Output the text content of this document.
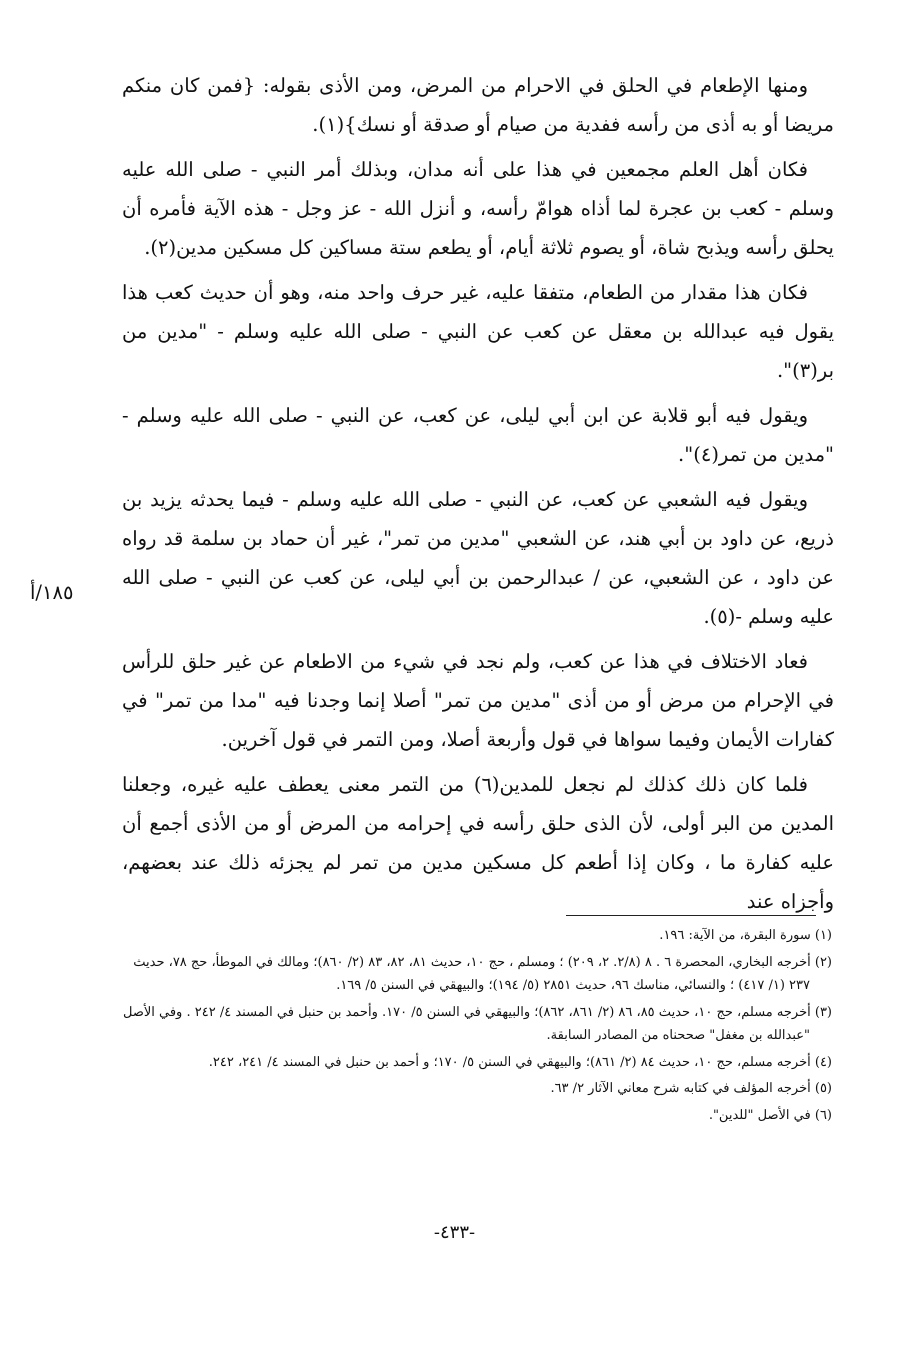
ومنها الإطعام في الحلق في الاحرام من المرض، ومن الأذى بقوله: {فمن كان منكم مريضا أو به أذى من رأسه ففدية من صيام أو صدقة أو نسك}(١).

فكان أهل العلم مجمعين في هذا على أنه مدان، وبذلك أمر النبي - صلى الله عليه وسلم - كعب بن عجرة لما أذاه هوامّ رأسه، و أنزل الله - عز وجل - هذه الآية فأمره أن يحلق رأسه ويذبح شاة، أو يصوم ثلاثة أيام، أو يطعم ستة مساكين كل مسكين مدين(٢).

فكان هذا مقدار من الطعام، متفقا عليه، غير حرف واحد منه، وهو أن حديث كعب هذا يقول فيه عبدالله بن معقل عن كعب عن النبي - صلى الله عليه وسلم - "مدين من بر(٣)".

ويقول فيه أبو قلابة عن ابن أبي ليلى، عن كعب، عن النبي - صلى الله عليه وسلم - "مدين من تمر(٤)".

ويقول فيه الشعبي عن كعب، عن النبي - صلى الله عليه وسلم - فيما يحدثه يزيد بن ذريع، عن داود بن أبي هند، عن الشعبي "مدين من تمر"، غير أن حماد بن سلمة قد رواه عن داود ، عن الشعبي، عن / عبدالرحمن بن أبي ليلى، عن كعب عن النبي - صلى الله عليه وسلم -(٥).

فعاد الاختلاف في هذا عن كعب، ولم نجد في شيء من الاطعام عن غير حلق للرأس في الإحرام من مرض أو من أذى "مدين من تمر" أصلا إنما وجدنا فيه "مدا من تمر" في كفارات الأيمان وفيما سواها في قول وأربعة أصلا، ومن التمر في قول آخرين.

فلما كان ذلك كذلك لم نجعل للمدين(٦) من التمر معنى يعطف عليه غيره، وجعلنا المدين من البر أولى، لأن الذى حلق رأسه في إحرامه من المرض أو من الأذى أجمع أن عليه كفارة ما ، وكان إذا أطعم كل مسكين مدين من تمر لم يجزئه ذلك عند بعضهم، وأجزاه عند

١٨٥/أ

(١) سورة البقرة، من الآية: ١٩٦.

(٢) أخرجه البخاري، المحصرة ٦ . ٨ (٢/٨. ٢، ٢٠٩) ؛ ومسلم ، حج ١٠، حديث ٨١، ٨٢، ٨٣ (٢/ ٨٦٠)؛ ومالك في الموطأ، حج ٧٨، حديث ٢٣٧ (١/ ٤١٧) ؛ والنسائي، مناسك ٩٦، حديث ٢٨٥١ (٥/ ١٩٤)؛ والبيهقي في السنن ٥/ ١٦٩.

(٣) أخرجه مسلم، حج ١٠، حديث ٨٥، ٨٦ (٢/ ٨٦١، ٨٦٢)؛ والبيهقي في السنن ٥/ ١٧٠. وأحمد بن حنبل في المسند ٤/ ٢٤٢ . وفي الأصل "عبدالله بن مغفل" صححناه من المصادر السابقة.

(٤) أخرجه مسلم، حج ١٠، حديث ٨٤ (٢/ ٨٦١)؛ والبيهقي في السنن ٥/ ١٧٠؛ و أحمد بن حنبل في المسند ٤/ ٢٤١، ٢٤٢.

(٥) أخرجه المؤلف في كتابه شرح معاني الآثار ٢/ ٦٣.

(٦) في الأصل "للدين".

-٤٣٣-
